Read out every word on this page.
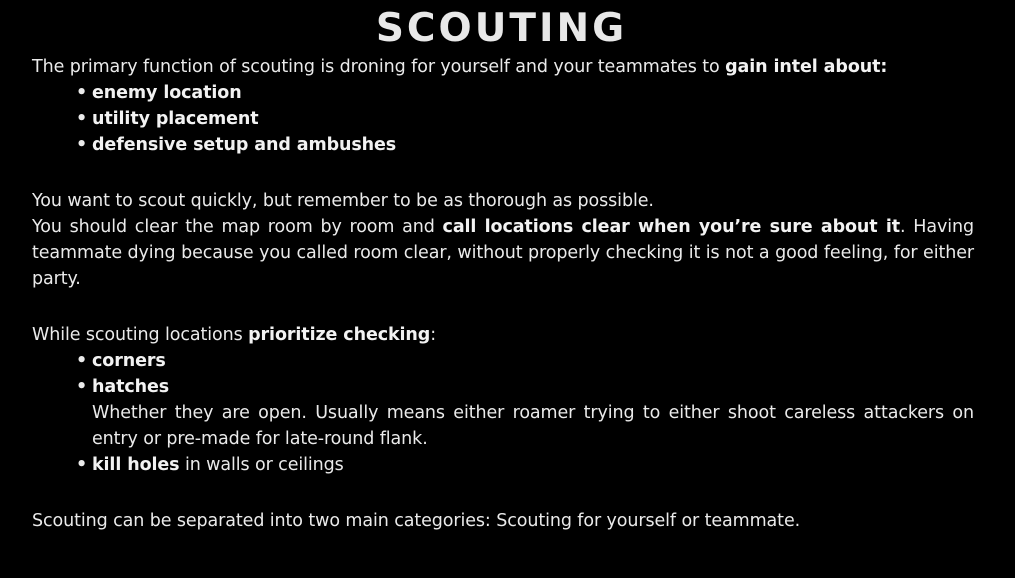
SCOUTING

The primary function of scouting is droning for yourself and your teammates to gain intel about:

• enemy location
• utility placement
• defensive setup and ambushes

You want to scout quickly, but remember to be as thorough as possible.

You should clear the map room by room and call locations clear when you’re sure about it. Having teammate dying because you called room clear, without properly checking it is not a good feeling, for either party.

While scouting locations prioritize checking:

• corners
• hatches
Whether they are open. Usually means either roamer trying to either shoot careless attackers on entry or pre-made for late-round flank.
• kill holes in walls or ceilings

Scouting can be separated into two main categories: Scouting for yourself or teammate.
